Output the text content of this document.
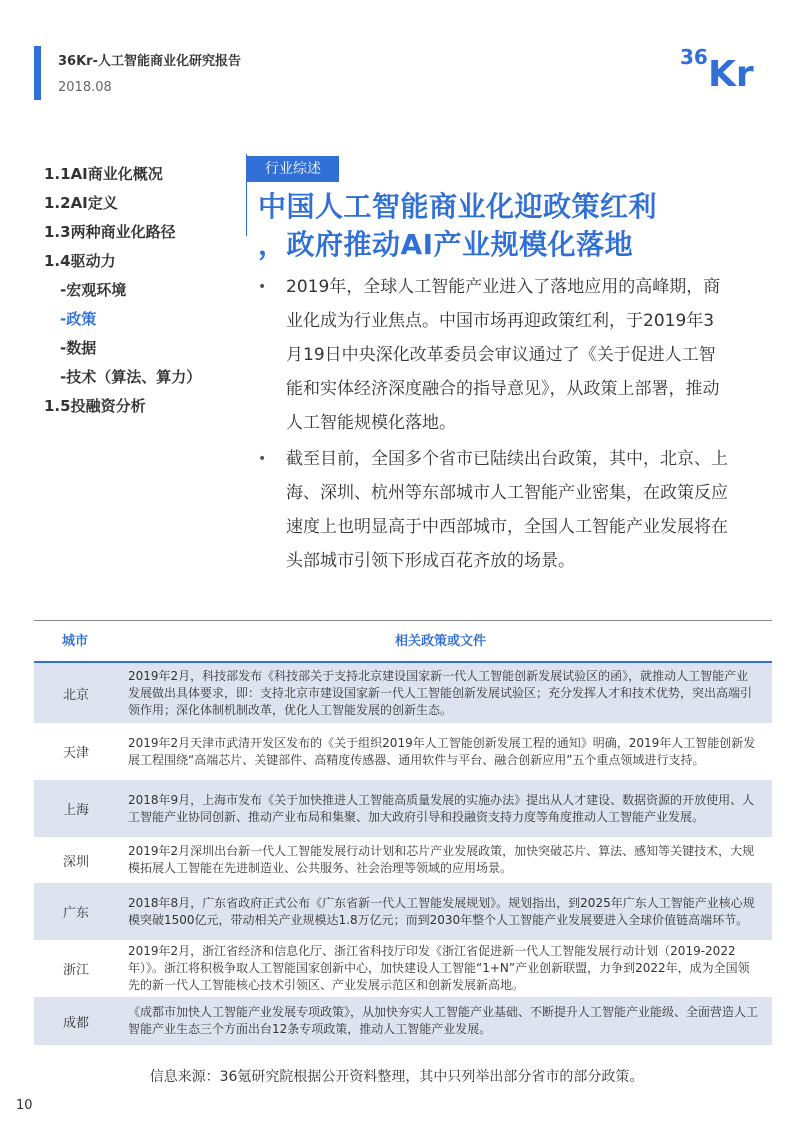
36Kr-人工智能商业化研究报告
2018.08
36 Kr
1.1AI商业化概况
1.2AI定义
1.3两种商业化路径
1.4驱动力
-宏观环境
-政策
-数据
-技术（算法、算力）
1.5投融资分析
行业综述
中国人工智能商业化迎政策红利
，政府推动AI产业规模化落地
• 2019年，全球人工智能产业进入了落地应用的高峰期，商业化成为行业焦点。中国市场再迎政策红利，于2019年3月19日中央深化改革委员会审议通过了《关于促进人工智能和实体经济深度融合的指导意见》，从政策上部署，推动人工智能规模化落地。
• 截至目前，全国多个省市已陆续出台政策，其中，北京、上海、深圳、杭州等东部城市人工智能产业密集，在政策反应速度上也明显高于中西部城市，全国人工智能产业发展将在头部城市引领下形成百花齐放的场景。
城市	相关政策或文件
北京
2019年2月，科技部发布《科技部关于支持北京建设国家新一代人工智能创新发展试验区的函》，就推动人工智能产业发展做出具体要求，即：支持北京市建设国家新一代人工智能创新发展试验区；充分发挥人才和技术优势，突出高端引领作用；深化体制机制改革，优化人工智能发展的创新生态。
天津
2019年2月天津市武清开发区发布的《关于组织2019年人工智能创新发展工程的通知》明确，2019年人工智能创新发展工程围绕“高端芯片、关键部件、高精度传感器、通用软件与平台、融合创新应用”五个重点领域进行支持。
上海
2018年9月，上海市发布《关于加快推进人工智能高质量发展的实施办法》提出从人才建设、数据资源的开放使用、人工智能产业协同创新、推动产业布局和集聚、加大政府引导和投融资支持力度等角度推动人工智能产业发展。
深圳
2019年2月深圳出台新一代人工智能发展行动计划和芯片产业发展政策，加快突破芯片、算法、感知等关键技术，大规模拓展人工智能在先进制造业、公共服务、社会治理等领域的应用场景。
广东
2018年8月，广东省政府正式公布《广东省新一代人工智能发展规划》。规划指出，到2025年广东人工智能产业核心规模突破1500亿元，带动相关产业规模达1.8万亿元；而到2030年整个人工智能产业发展要进入全球价值链高端环节。
浙江
2019年2月，浙江省经济和信息化厅、浙江省科技厅印发《浙江省促进新一代人工智能发展行动计划（2019-2022年）》。浙江将积极争取人工智能国家创新中心，加快建设人工智能“1+N”产业创新联盟，力争到2022年，成为全国领先的新一代人工智能核心技术引领区、产业发展示范区和创新发展新高地。
成都
《成都市加快人工智能产业发展专项政策》，从加快夯实人工智能产业基础、不断提升人工智能产业能级、全面营造人工智能产业生态三个方面出台12条专项政策，推动人工智能产业发展。
信息来源：36氪研究院根据公开资料整理，其中只列举出部分省市的部分政策。
10
